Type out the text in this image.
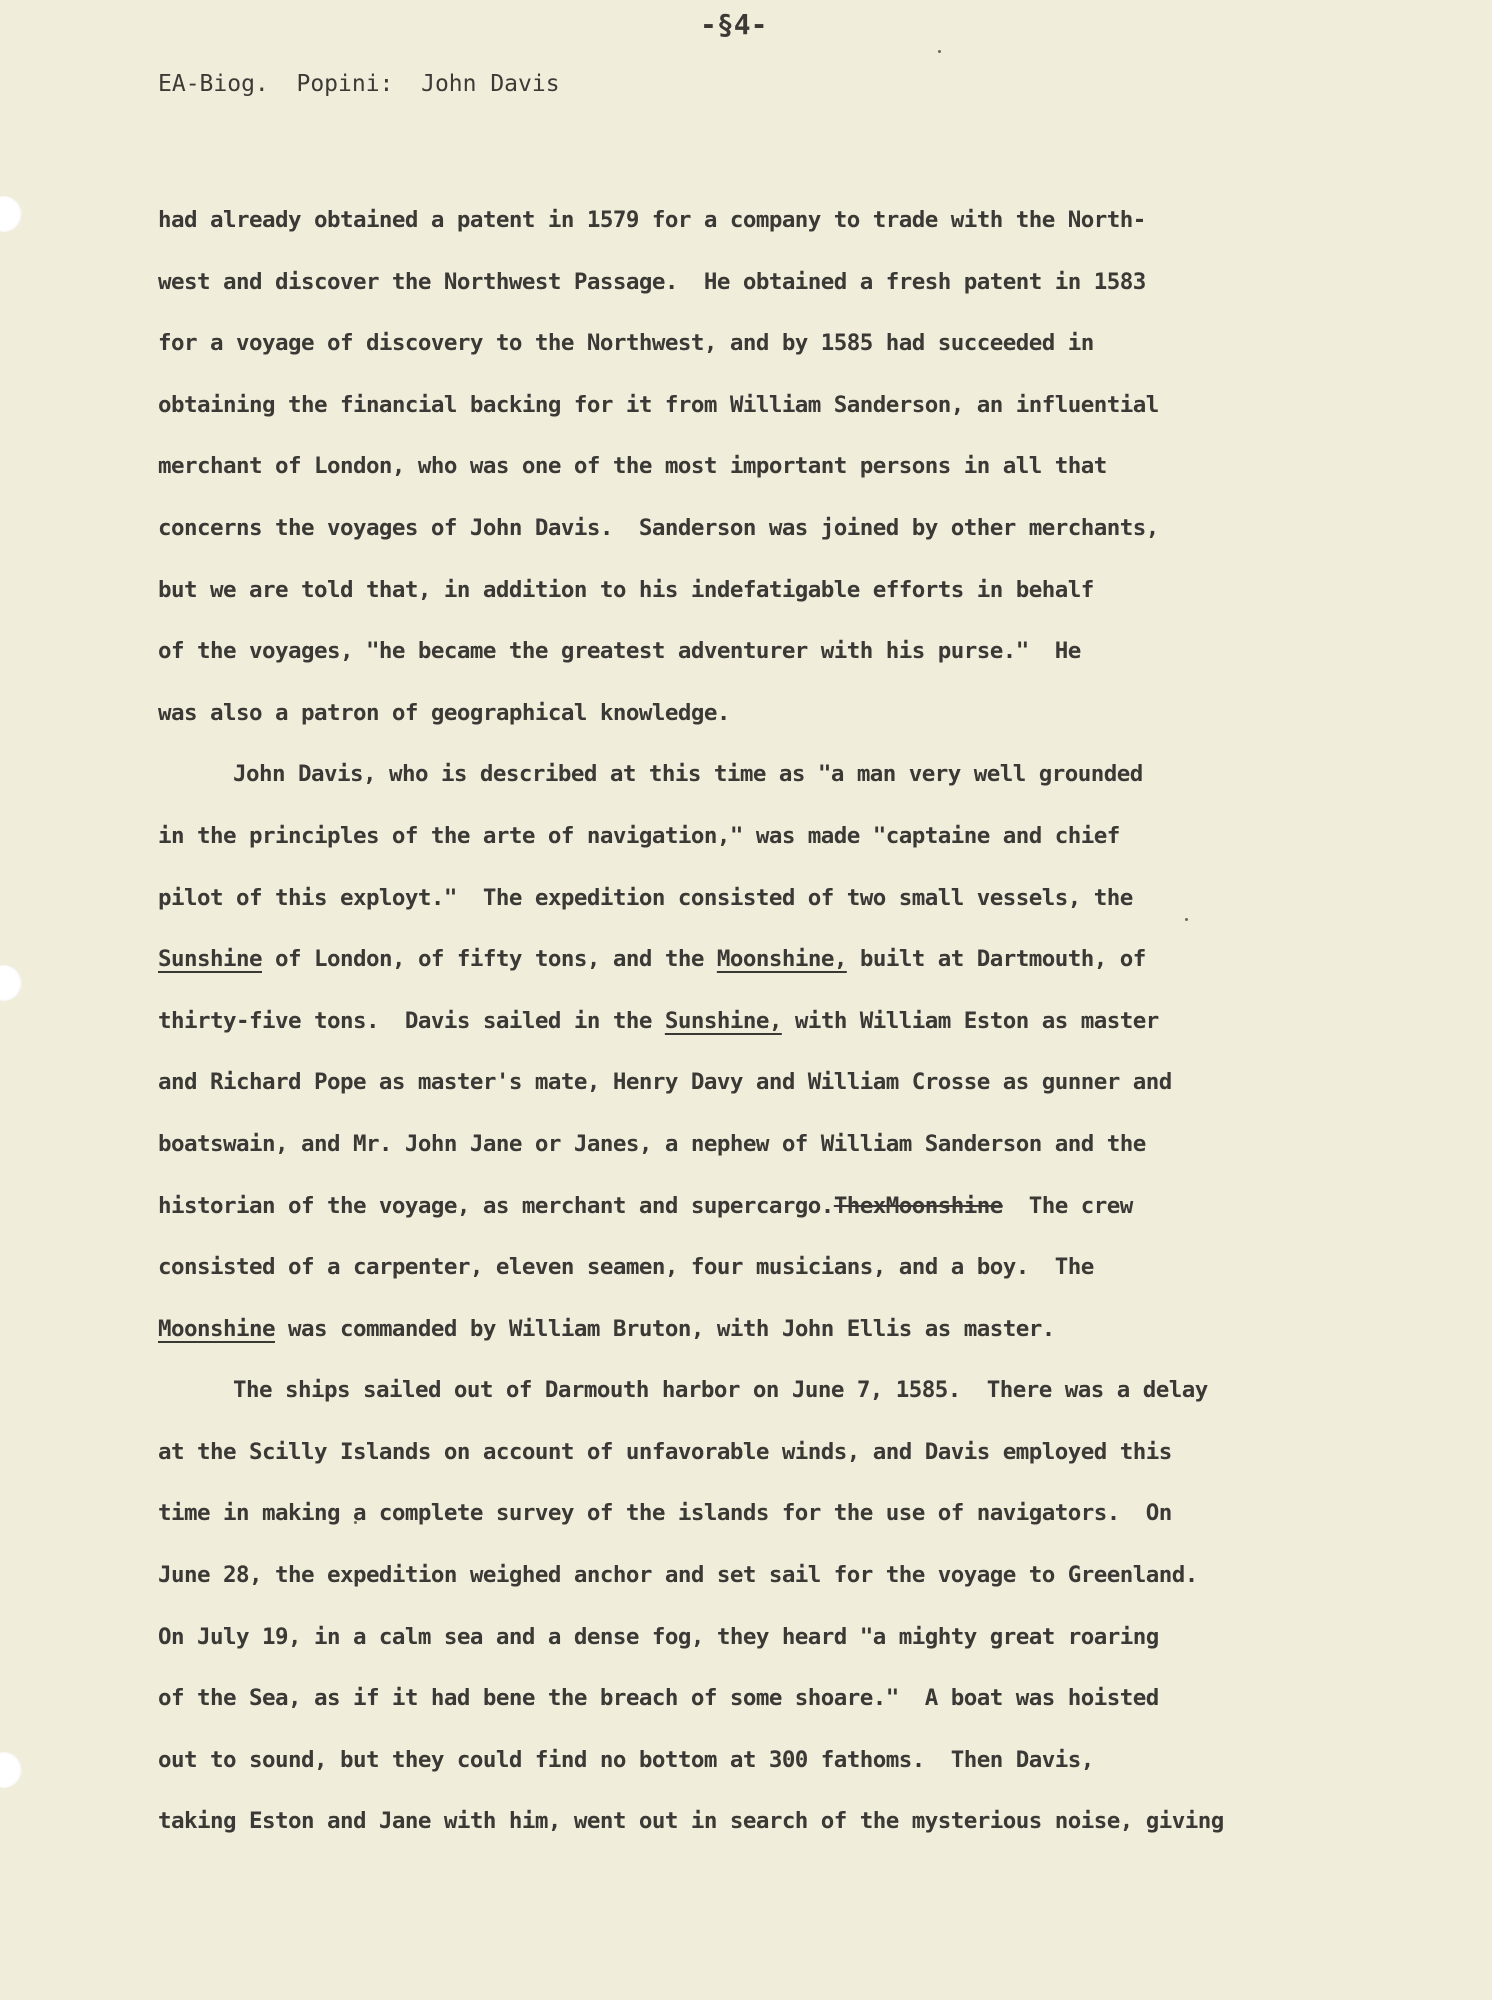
-§4-
EA-Biog.  Popini:  John Davis
had already obtained a patent in 1579 for a company to trade with the North-
west and discover the Northwest Passage.  He obtained a fresh patent in 1583
for a voyage of discovery to the Northwest, and by 1585 had succeeded in
obtaining the financial backing for it from William Sanderson, an influential
merchant of London, who was one of the most important persons in all that
concerns the voyages of John Davis.  Sanderson was joined by other merchants,
but we are told that, in addition to his indefatigable efforts in behalf
of the voyages, "he became the greatest adventurer with his purse."  He
was also a patron of geographical knowledge.
John Davis, who is described at this time as "a man very well grounded
in the principles of the arte of navigation," was made "captaine and chief
pilot of this exployt."  The expedition consisted of two small vessels, the
Sunshine of London, of fifty tons, and the Moonshine, built at Dartmouth, of
thirty-five tons.  Davis sailed in the Sunshine, with William Eston as master
and Richard Pope as master's mate, Henry Davy and William Crosse as gunner and
boatswain, and Mr. John Jane or Janes, a nephew of William Sanderson and the
historian of the voyage, as merchant and supercargo.ThexMoonshine  The crew
consisted of a carpenter, eleven seamen, four musicians, and a boy.  The
Moonshine was commanded by William Bruton, with John Ellis as master.
The ships sailed out of Darmouth harbor on June 7, 1585.  There was a delay
at the Scilly Islands on account of unfavorable winds, and Davis employed this
time in making a complete survey of the islands for the use of navigators.  On
June 28, the expedition weighed anchor and set sail for the voyage to Greenland.
On July 19, in a calm sea and a dense fog, they heard "a mighty great roaring
of the Sea, as if it had bene the breach of some shoare."  A boat was hoisted
out to sound, but they could find no bottom at 300 fathoms.  Then Davis,
taking Eston and Jane with him, went out in search of the mysterious noise, giving
